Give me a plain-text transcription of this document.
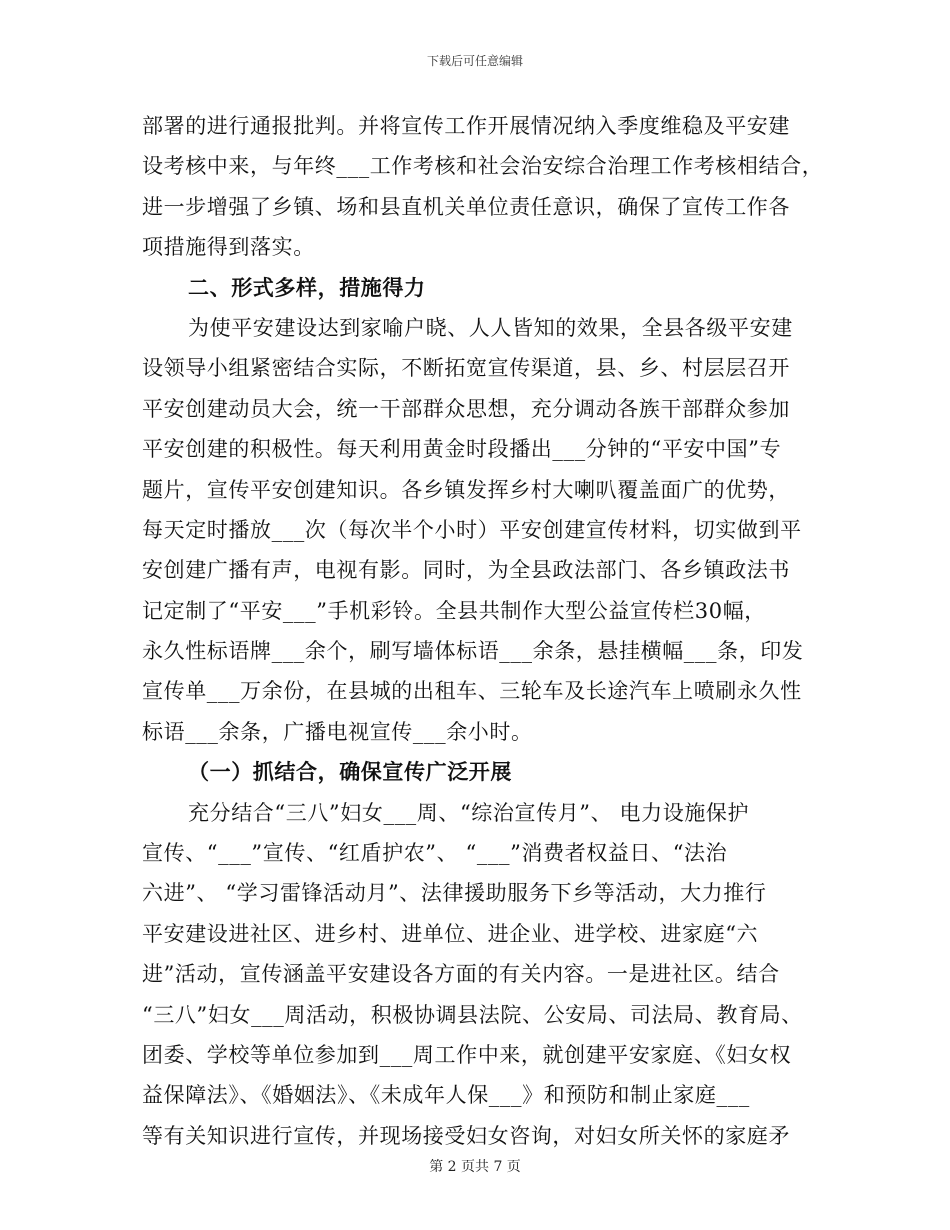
下载后可任意编辑
部署的进行通报批判。并将宣传工作开展情况纳入季度维稳及平安建
设考核中来，与年终___工作考核和社会治安综合治理工作考核相结合，
进一步增强了乡镇、场和县直机关单位责任意识，确保了宣传工作各
项措施得到落实。
二、形式多样，措施得力
为使平安建设达到家喻户晓、人人皆知的效果，全县各级平安建
设领导小组紧密结合实际，不断拓宽宣传渠道，县、乡、村层层召开
平安创建动员大会，统一干部群众思想，充分调动各族干部群众参加
平安创建的积极性。每天利用黄金时段播出___分钟的“平安中国”专
题片，宣传平安创建知识。各乡镇发挥乡村大喇叭覆盖面广的优势，
每天定时播放___次（每次半个小时）平安创建宣传材料，切实做到平
安创建广播有声，电视有影。同时，为全县政法部门、各乡镇政法书
记定制了“平安___”手机彩铃。全县共制作大型公益宣传栏30幅，
永久性标语牌___余个，刷写墙体标语___余条，悬挂横幅___条，印发
宣传单___万余份，在县城的出租车、三轮车及长途汽车上喷刷永久性
标语___余条，广播电视宣传___余小时。
（一）抓结合，确保宣传广泛开展
充分结合“三八”妇女___周、“综治宣传月”、 电力设施保护
宣传、“___”宣传、“红盾护农”、 “___”消费者权益日、“法治
六进”、 “学习雷锋活动月”、法律援助服务下乡等活动，大力推行
平安建设进社区、进乡村、进单位、进企业、进学校、进家庭“六
进”活动，宣传涵盖平安建设各方面的有关内容。一是进社区。结合
“三八”妇女___周活动，积极协调县法院、公安局、司法局、教育局、
团委、学校等单位参加到___周工作中来，就创建平安家庭、《妇女权
益保障法》、《婚姻法》、《未成年人保___》和预防和制止家庭___
等有关知识进行宣传，并现场接受妇女咨询，对妇女所关怀的家庭矛
第 2 页共 7 页
